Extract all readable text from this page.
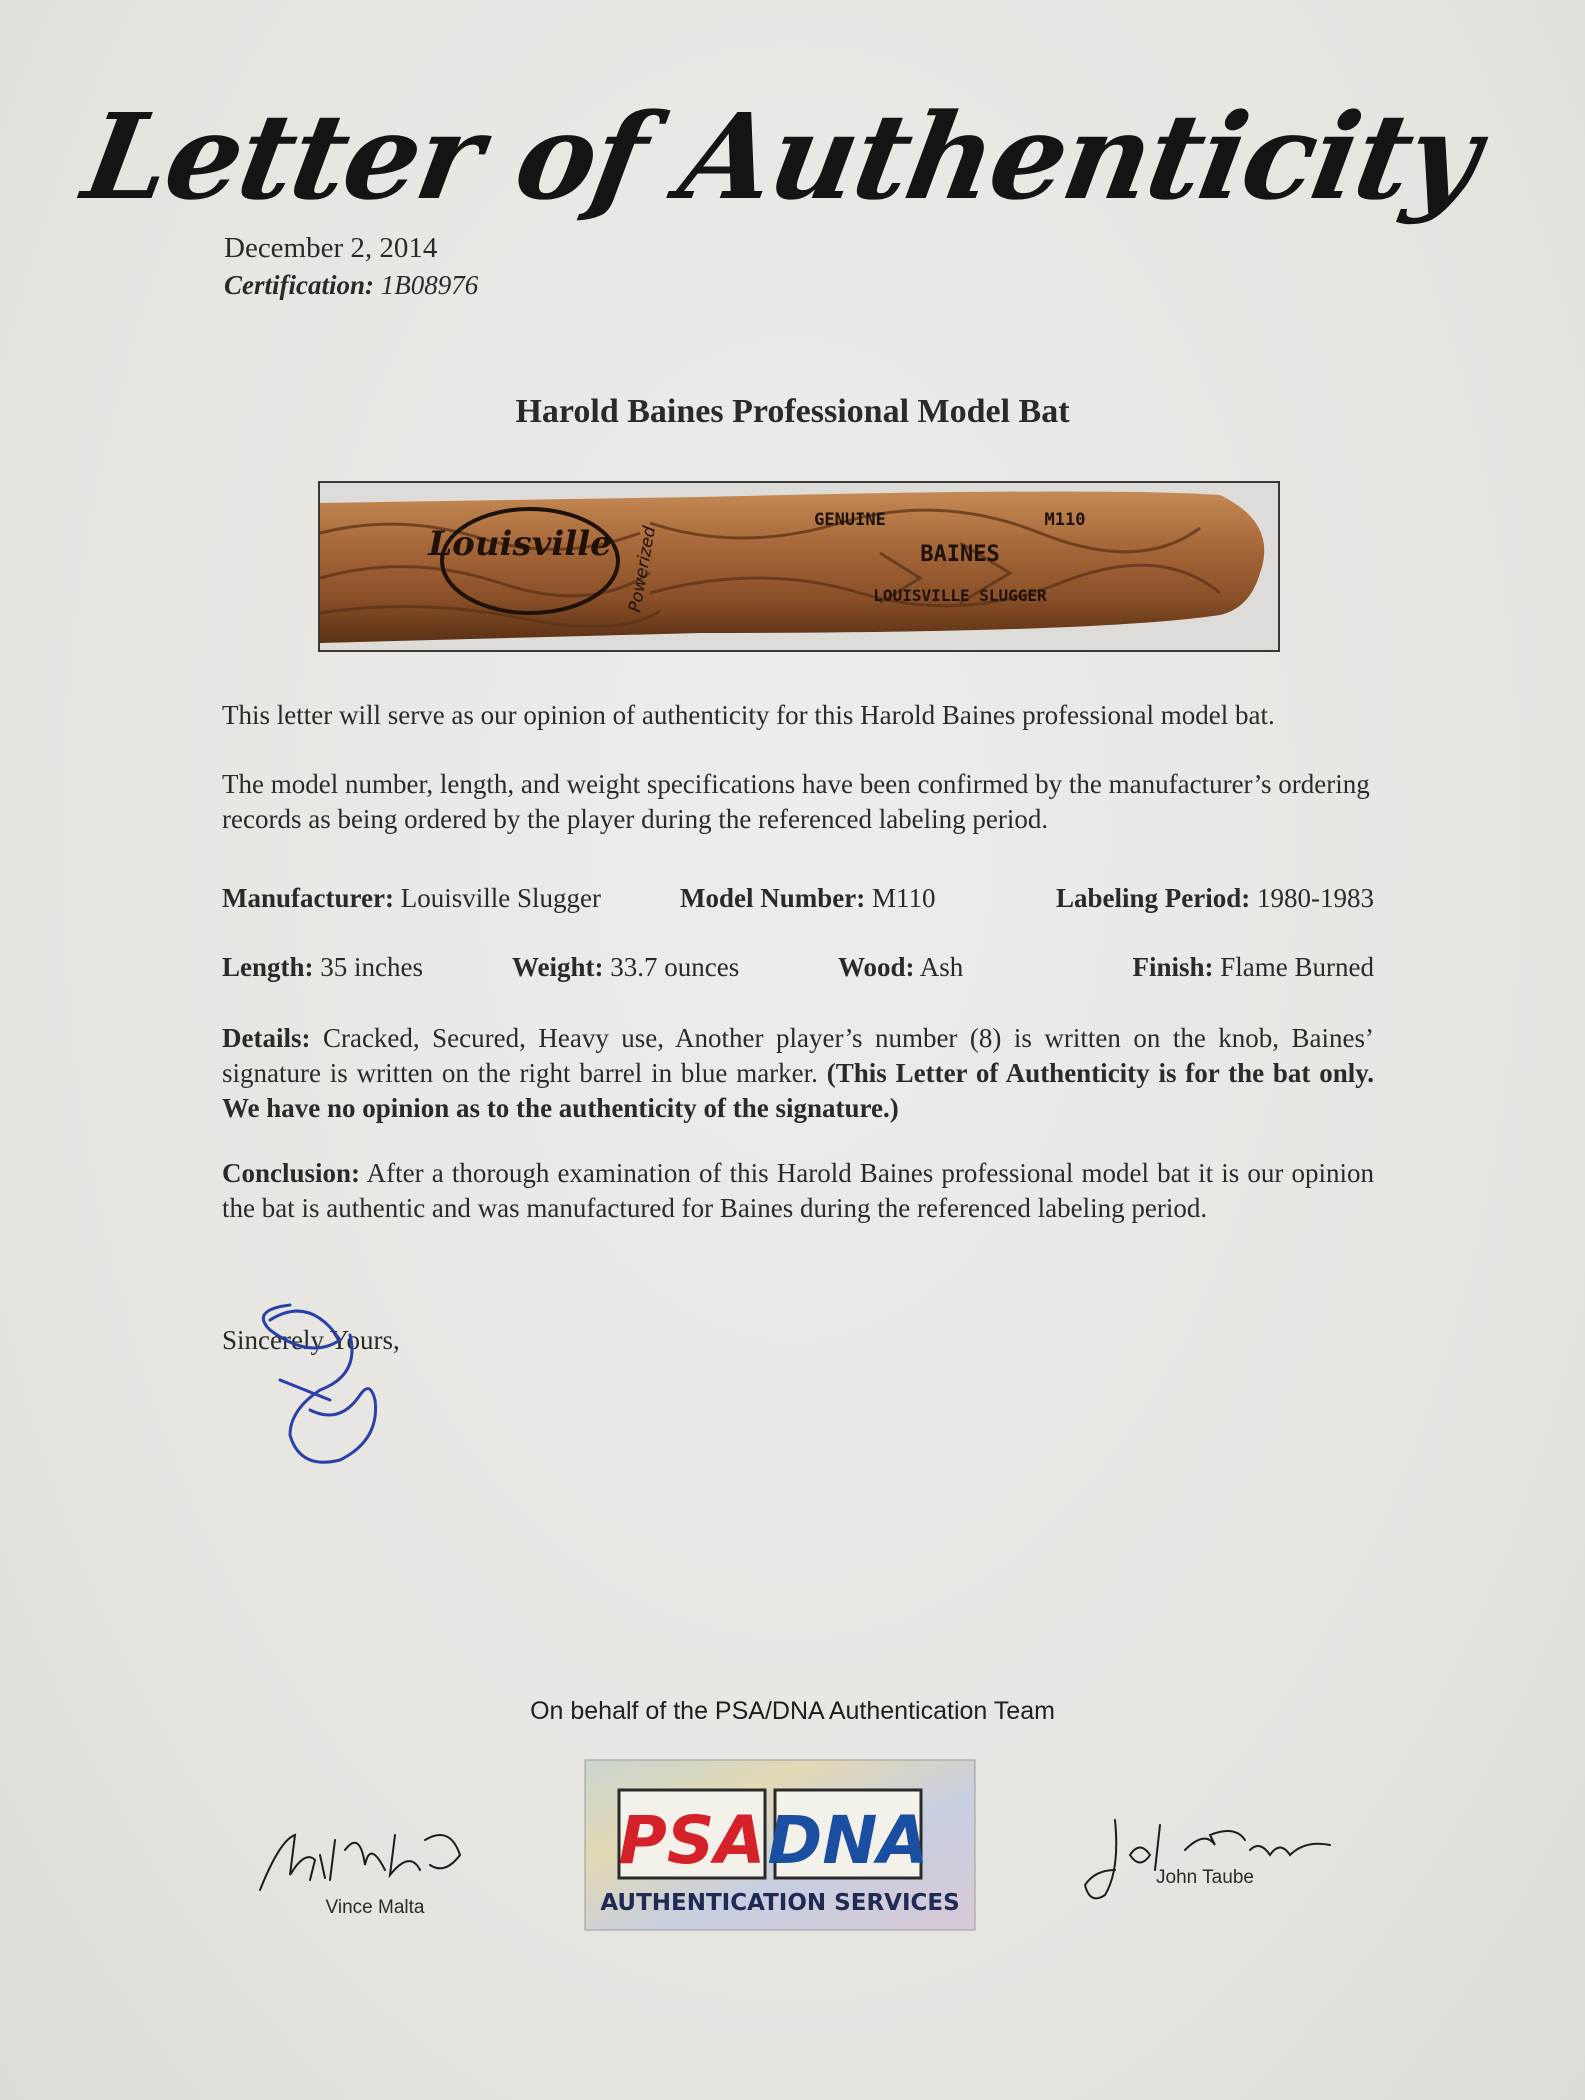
Letter of Authenticity
December 2, 2014
Certification: 1B08976
Harold Baines Professional Model Bat
Louisville Powerized
GENUINE	M110
BAINES
LOUISVILLE SLUGGER
This letter will serve as our opinion of authenticity for this Harold Baines professional model bat.
The model number, length, and weight specifications have been confirmed by the manufacturer’s ordering records as being ordered by the player during the referenced labeling period.
Manufacturer: Louisville Slugger	Model Number: M110	Labeling Period: 1980-1983
Length: 35 inches	Weight: 33.7 ounces	Wood: Ash	Finish: Flame Burned
Details: Cracked, Secured, Heavy use, Another player’s number (8) is written on the knob, Baines’ signature is written on the right barrel in blue marker. (This Letter of Authenticity is for the bat only. We have no opinion as to the authenticity of the signature.)
Conclusion: After a thorough examination of this Harold Baines professional model bat it is our opinion the bat is authentic and was manufactured for Baines during the referenced labeling period.
Sincerely Yours,
On behalf of the PSA/DNA Authentication Team
Vince Malta
PSA DNA
AUTHENTICATION SERVICES
John Taube
